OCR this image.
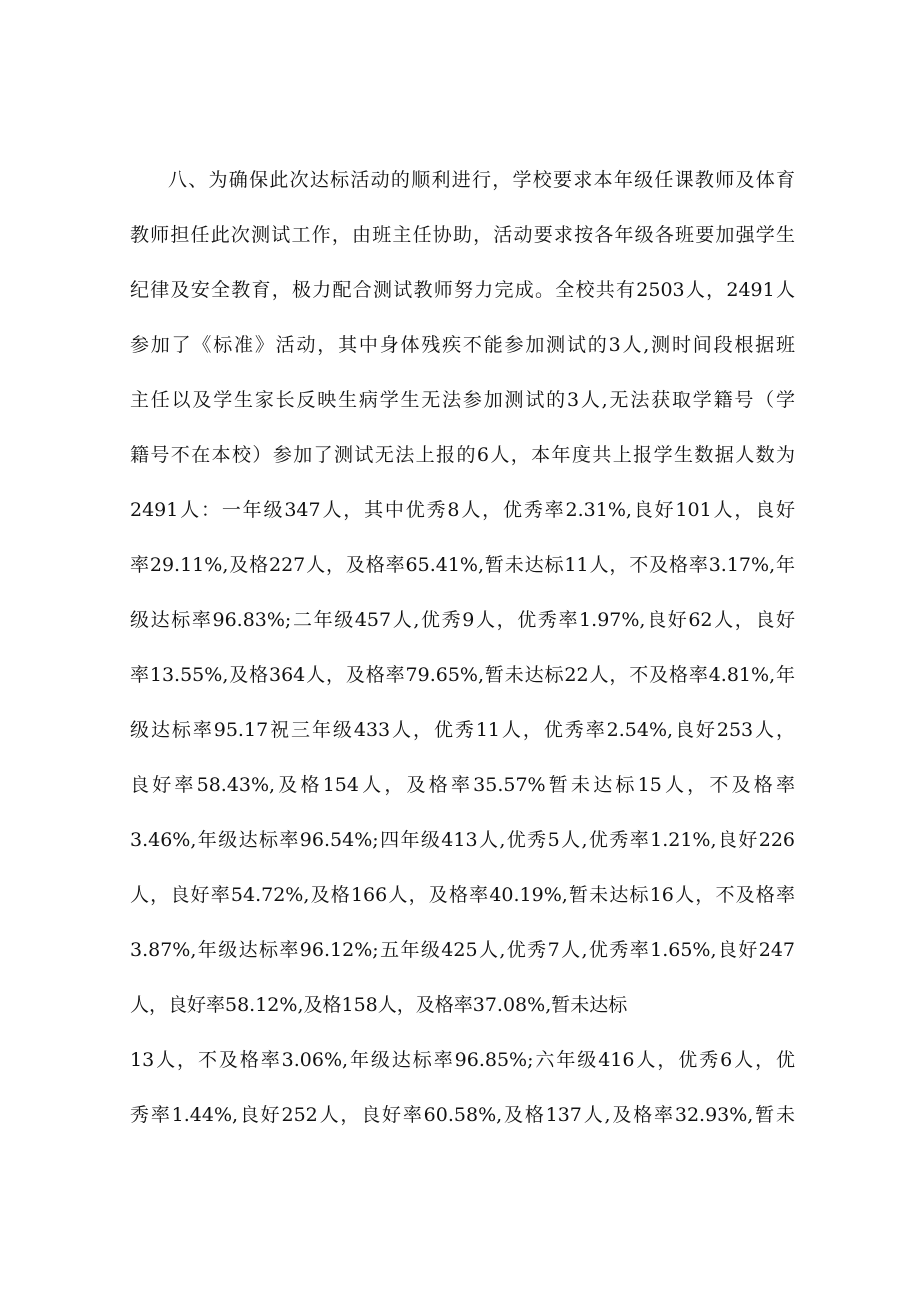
八、为确保此次达标活动的顺利进行，学校要求本年级任课教师及体育
教师担任此次测试工作，由班主任协助，活动要求按各年级各班要加强学生
纪律及安全教育，极力配合测试教师努力完成。全校共有2503人，2491人
参加了《标准》活动，其中身体残疾不能参加测试的3人,测时间段根据班
主任以及学生家长反映生病学生无法参加测试的3人,无法获取学籍号（学
籍号不在本校）参加了测试无法上报的6人，本年度共上报学生数据人数为
2491人：一年级347人，其中优秀8人，优秀率2.31%,良好101人，良好
率29.11%,及格227人，及格率65.41%,暂未达标11人，不及格率3.17%,年
级达标率96.83%;二年级457人,优秀9人，优秀率1.97%,良好62人，良好
率13.55%,及格364人，及格率79.65%,暂未达标22人，不及格率4.81%,年
级达标率95.17祝三年级433人，优秀11人，优秀率2.54%,良好253人，
良好率58.43%,及格154人，及格率35.57%暂未达标15人，不及格率
3.46%,年级达标率96.54%;四年级413人,优秀5人,优秀率1.21%,良好226
人，良好率54.72%,及格166人，及格率40.19%,暂未达标16人，不及格率
3.87%,年级达标率96.12%;五年级425人,优秀7人,优秀率1.65%,良好247
人，良好率58.12%,及格158人，及格率37.08%,暂未达标
13人，不及格率3.06%,年级达标率96.85%;六年级416人，优秀6人，优
秀率1.44%,良好252人，良好率60.58%,及格137人,及格率32.93%,暂未
